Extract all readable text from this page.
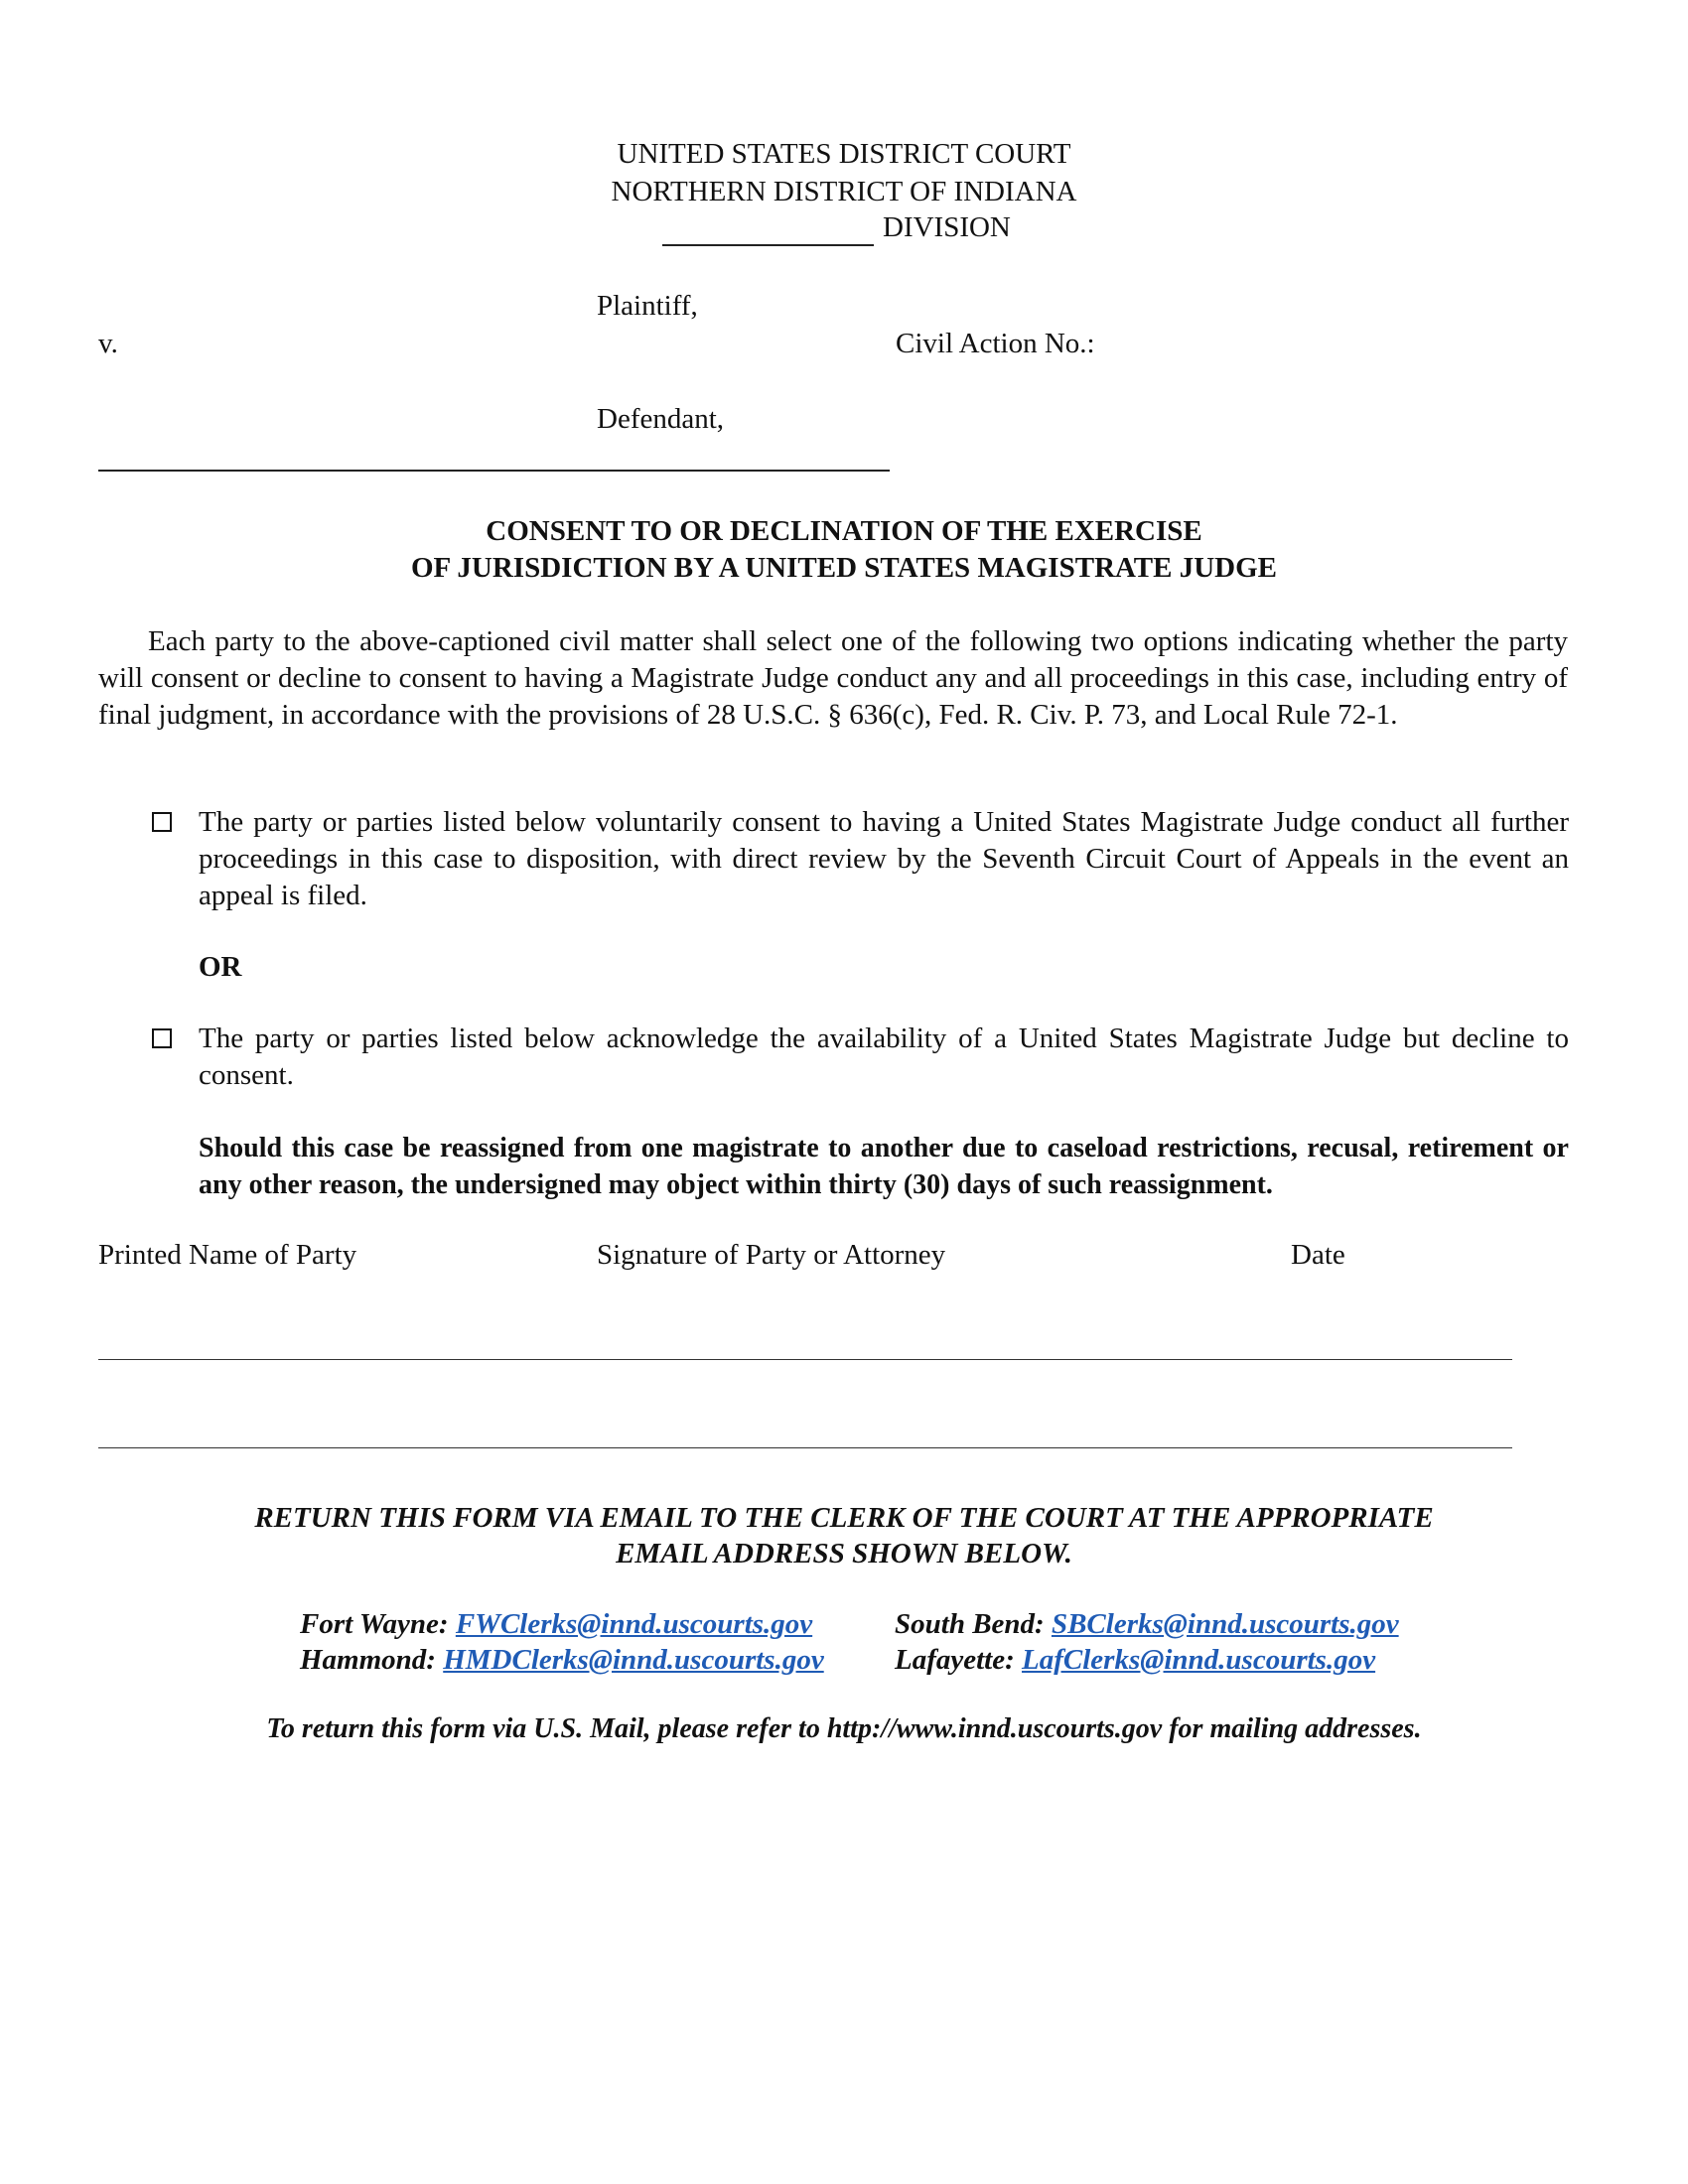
UNITED STATES DISTRICT COURT
NORTHERN DISTRICT OF INDIANA
DIVISION
Plaintiff,
v.	Civil Action No.:
Defendant,
CONSENT TO OR DECLINATION OF THE EXERCISE
OF JURISDICTION BY A UNITED STATES MAGISTRATE JUDGE
Each party to the above-captioned civil matter shall select one of the following two options indicating whether the party will consent or decline to consent to having a Magistrate Judge conduct any and all proceedings in this case, including entry of final judgment, in accordance with the provisions of 28 U.S.C. § 636(c), Fed. R. Civ. P. 73, and Local Rule 72-1.
The party or parties listed below voluntarily consent to having a United States Magistrate Judge conduct all further proceedings in this case to disposition, with direct review by the Seventh Circuit Court of Appeals in the event an appeal is filed.
OR
The party or parties listed below acknowledge the availability of a United States Magistrate Judge but decline to consent.
Should this case be reassigned from one magistrate to another due to caseload restrictions, recusal, retirement or any other reason, the undersigned may object within thirty (30) days of such reassignment.
Printed Name of Party	Signature of Party or Attorney	Date
RETURN THIS FORM VIA EMAIL TO THE CLERK OF THE COURT AT THE APPROPRIATE
EMAIL ADDRESS SHOWN BELOW.
Fort Wayne: FWClerks@innd.uscourts.gov	South Bend: SBClerks@innd.uscourts.gov
Hammond: HMDClerks@innd.uscourts.gov Lafayette: LafClerks@innd.uscourts.gov
To return this form via U.S. Mail, please refer to http://www.innd.uscourts.gov for mailing addresses.
